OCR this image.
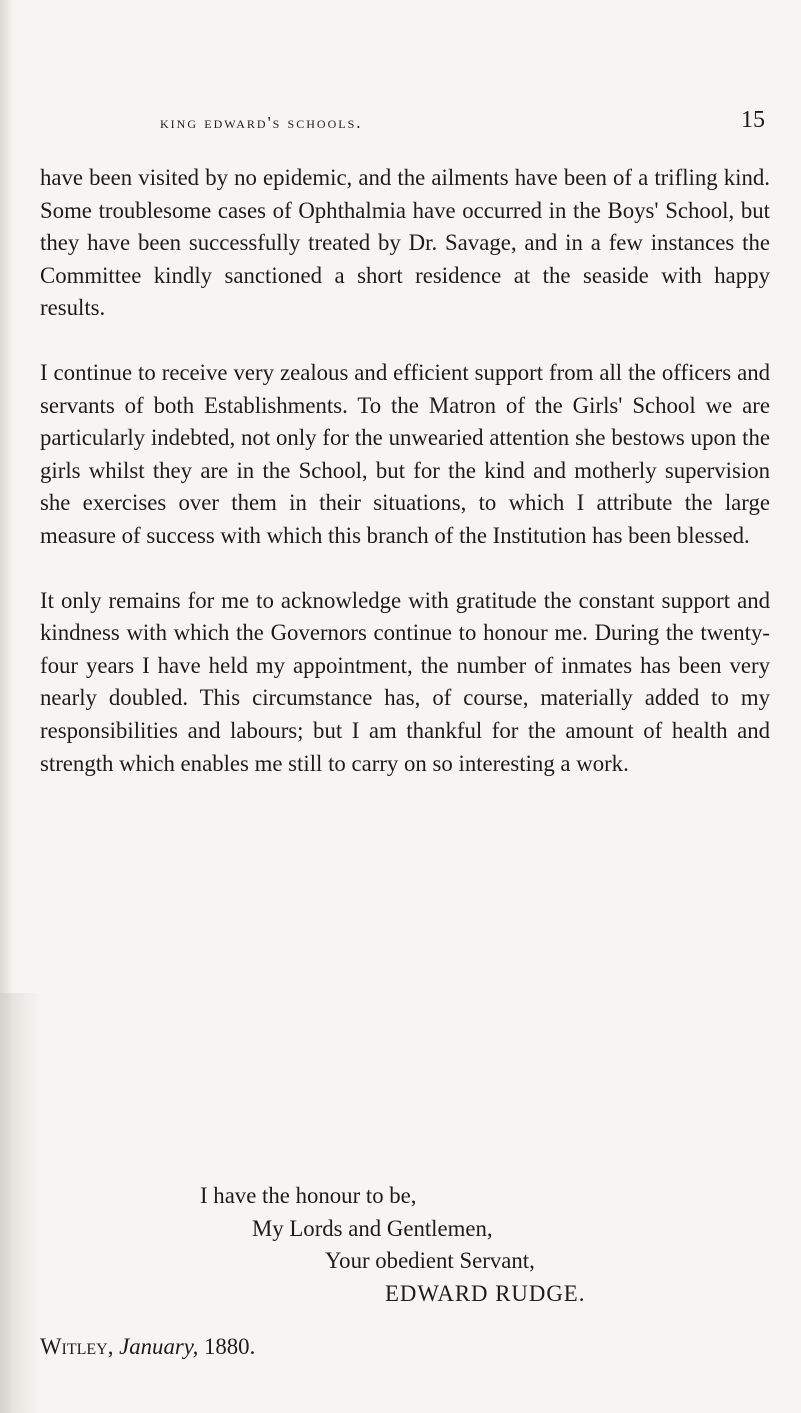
king edward's schools.	15

have been visited by no epidemic, and the ailments have been of a trifling kind. Some troublesome cases of Ophthalmia have occurred in the Boys' School, but they have been successfully treated by Dr. Savage, and in a few instances the Committee kindly sanctioned a short residence at the seaside with happy results.

I continue to receive very zealous and efficient support from all the officers and servants of both Establishments. To the Matron of the Girls' School we are particularly indebted, not only for the unwearied attention she bestows upon the girls whilst they are in the School, but for the kind and motherly supervision she exercises over them in their situations, to which I attribute the large measure of success with which this branch of the Institution has been blessed.

It only remains for me to acknowledge with gratitude the constant support and kindness with which the Governors continue to honour me. During the twenty-four years I have held my appointment, the number of inmates has been very nearly doubled. This circumstance has, of course, materially added to my responsibilities and labours; but I am thankful for the amount of health and strength which enables me still to carry on so interesting a work.

I have the honour to be,
My Lords and Gentlemen,
Your obedient Servant,
EDWARD RUDGE.
Witley, January, 1880.
